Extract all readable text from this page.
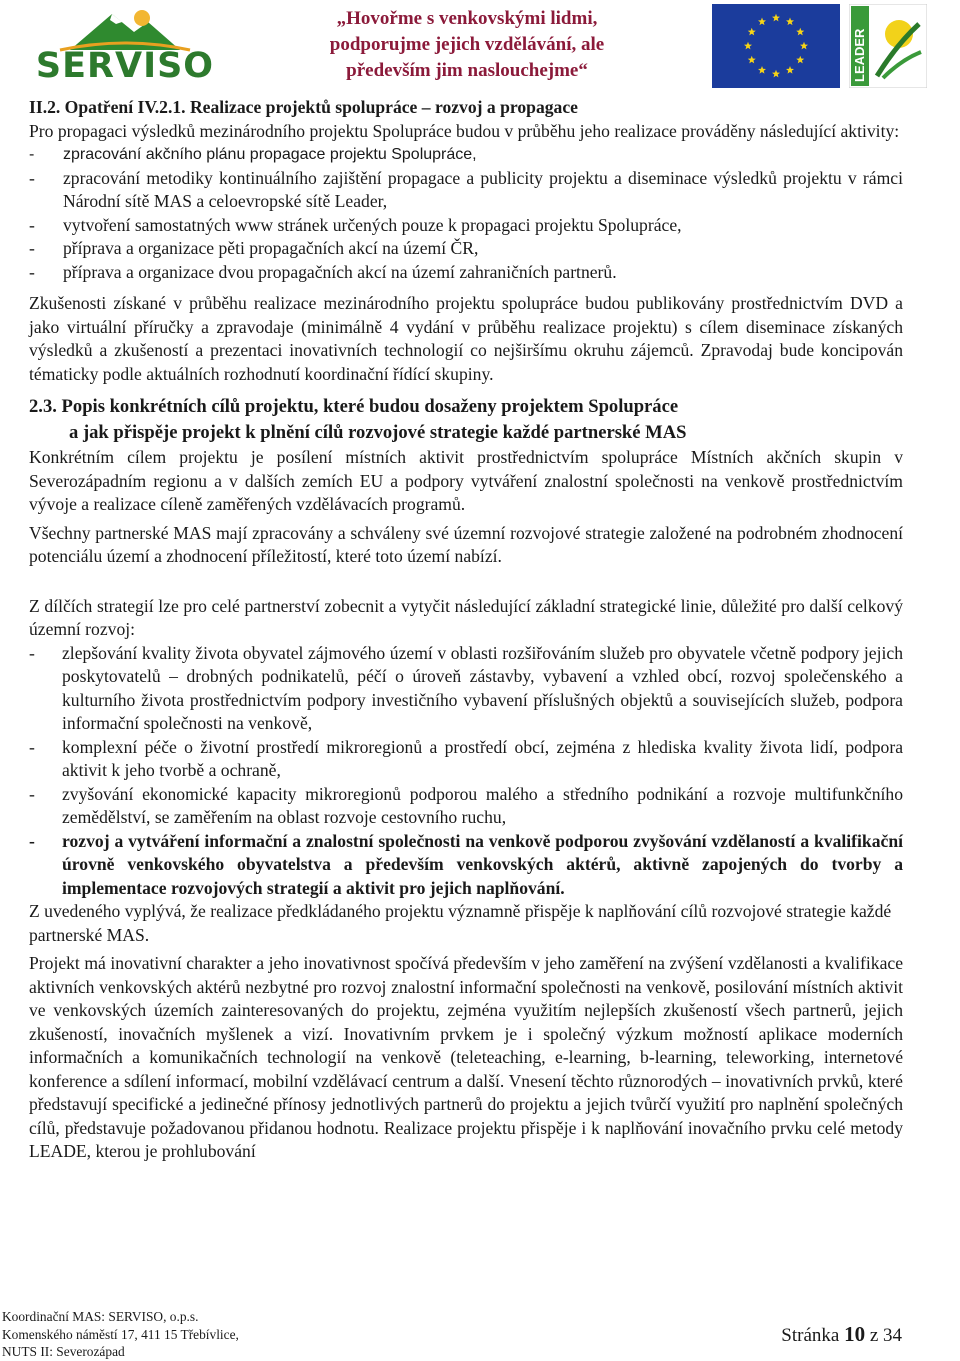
SERVISO
„Hovořme s venkovskými lidmi,
podporujme jejich vzdělávání, ale
především jim naslouchejme“	LEADER

II.2. Opatření IV.2.1. Realizace projektů spolupráce – rozvoj a propagace

Pro propagaci výsledků mezinárodního projektu Spolupráce budou v průběhu jeho realizace prováděny následující aktivity:

- zpracování akčního plánu propagace projektu Spolupráce,
- zpracování metodiky kontinuálního zajištění propagace a publicity projektu a diseminace výsledků projektu v rámci Národní sítě MAS a celoevropské sítě Leader,
- vytvoření samostatných www stránek určených pouze k propagaci projektu Spolupráce,
- příprava a organizace pěti propagačních akcí na území ČR,
- příprava a organizace dvou propagačních akcí na území zahraničních partnerů.

Zkušenosti získané v průběhu realizace mezinárodního projektu spolupráce budou publikovány prostřednictvím DVD a jako virtuální příručky a zpravodaje (minimálně 4 vydání v průběhu realizace projektu) s cílem diseminace získaných výsledků a zkušeností a prezentaci inovativních technologií co nejširšímu okruhu zájemců. Zpravodaj bude koncipován tématicky podle aktuálních rozhodnutí koordinační řídící skupiny.

2.3. Popis konkrétních cílů projektu, které budou dosaženy projektem Spolupráce
a jak přispěje projekt k plnění cílů rozvojové strategie každé partnerské MAS

Konkrétním cílem projektu je posílení místních aktivit prostřednictvím spolupráce Místních akčních skupin v Severozápadním regionu a v dalších zemích EU a podpory vytváření znalostní společnosti na venkově prostřednictvím vývoje a realizace cíleně zaměřených vzdělávacích programů.

Všechny partnerské MAS mají zpracovány a schváleny své územní rozvojové strategie založené na podrobném zhodnocení potenciálu území a zhodnocení příležitostí, které toto území nabízí.

Z dílčích strategií lze pro celé partnerství zobecnit a vytyčit následující základní strategické linie, důležité pro další celkový územní rozvoj:

- zlepšování kvality života obyvatel zájmového území v oblasti rozšiřováním služeb pro obyvatele včetně podpory jejich poskytovatelů – drobných podnikatelů, péčí o úroveň zástavby, vybavení a vzhled obcí, rozvoj společenského a kulturního života prostřednictvím podpory investičního vybavení příslušných objektů a souvisejících služeb, podpora informační společnosti na venkově,
- komplexní péče o životní prostředí mikroregionů a prostředí obcí, zejména z hlediska kvality života lidí, podpora aktivit k jeho tvorbě a ochraně,
- zvyšování ekonomické kapacity mikroregionů podporou malého a středního podnikání a rozvoje multifunkčního zemědělství, se zaměřením na oblast rozvoje cestovního ruchu,
- rozvoj a vytváření informační a znalostní společnosti na venkově podporou zvyšování vzdělaností a kvalifikační úrovně venkovského obyvatelstva a především venkovských aktérů, aktivně zapojených do tvorby a implementace rozvojových strategií a aktivit pro jejich naplňování.

Z uvedeného vyplývá, že realizace předkládaného projektu významně přispěje k naplňování cílů rozvojové strategie každé partnerské MAS.

Projekt má inovativní charakter a jeho inovativnost spočívá především v jeho zaměření na zvýšení vzdělanosti a kvalifikace aktivních venkovských aktérů nezbytné pro rozvoj znalostní informační společnosti na venkově, posilování místních aktivit ve venkovských územích zainteresovaných do projektu, zejména využitím nejlepších zkušeností všech partnerů, jejich zkušeností, inovačních myšlenek a vizí. Inovativním prvkem je i společný výzkum možností aplikace moderních informačních a komunikačních technologií na venkově (teleteaching, e-learning, b-learning, teleworking, internetové konference a sdílení informací, mobilní vzdělávací centrum a další. Vnesení těchto různorodých – inovativních prvků, které představují specifické a jedinečné přínosy jednotlivých partnerů do projektu a jejich tvůrčí využití pro naplnění společných cílů, představuje požadovanou přidanou hodnotu. Realizace projektu přispěje i k naplňování inovačního prvku celé metody LEADE, kterou je prohlubování

Koordinační MAS: SERVISO, o.p.s.
Komenského náměstí 17, 411 15 Třebívlice,
NUTS II: Severozápad
Stránka 10 z 34
